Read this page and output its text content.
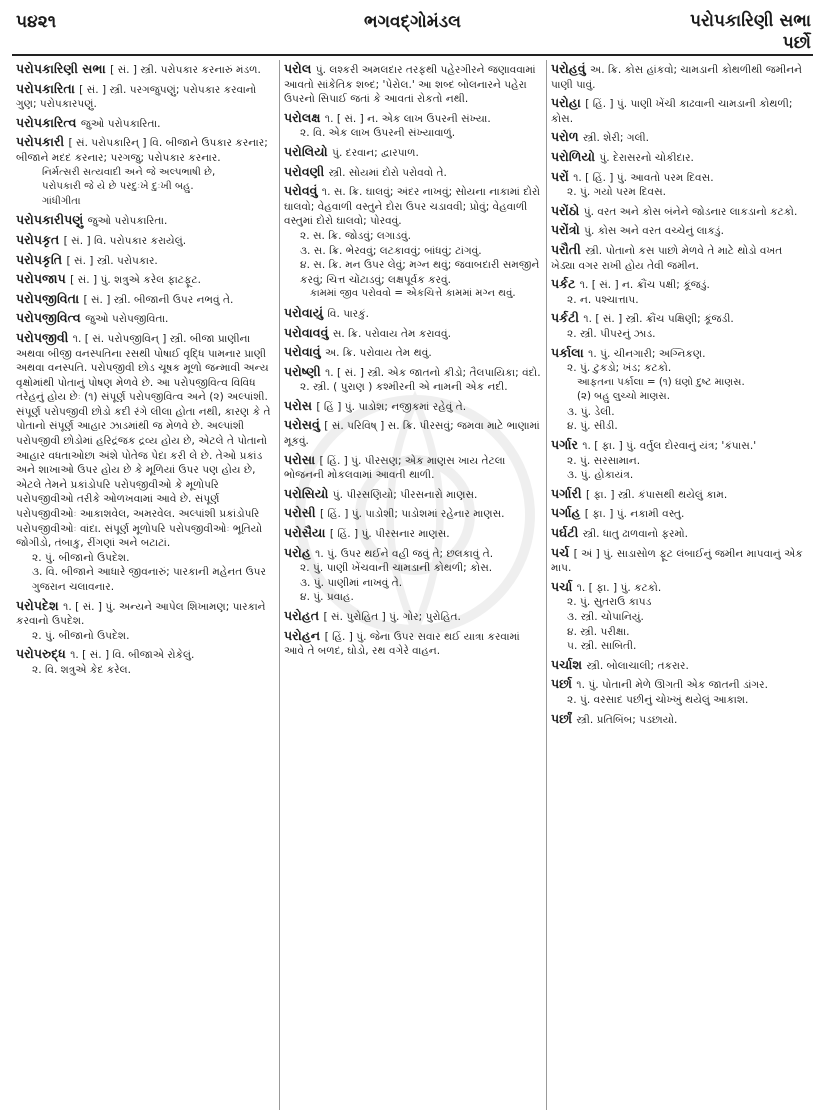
૫૪૨૧	ભગવદ્ગોમંડલ	પરોપકારિણી સભા
પર્છો
પરોપકારિણી સભા [ સં. ] સ્ત્રી. પરોપકાર કરનારું મંડળ.
પરોપકારિતા [ સં. ] સ્ત્રી. પરગજુપણું; પરોપકાર કરવાનો ગુણ; પરોપકારપણું.
પરોપકારિત્વ જુઓ પરોપકારિતા.
પરોપકારી [ સં. પરોપકારિન્ ] વિ. બીજાને ઉપકાર કરનાર; બીજાને મદદ કરનાર; પરગજુ; પરોપકાર કરનાર.
નિર્મત્સરી સત્યવાદી અને જે અલ્પભાષી છે,
પરોપકારી જે યે છે પરદુઃખે દુઃખી બહુ.
ગાંધીગીતા
પરોપકારીપણું જુઓ પરોપકારિતા.
પરોપકૃત [ સં. ] વિ. પરોપકાર કરાયેલું.
પરોપકૃતિ [ સં. ] સ્ત્રી. પરોપકાર.
પરોપજાપ [ સં. ] પું. શત્રુએ કરેલ ફાટફૂટ.
પરોપજીવિતા [ સં. ] સ્ત્રી. બીજાની ઉપર નભવું તે.
પરોપજીવિત્વ જુઓ પરોપજીવિતા.
પરોપજીવી ૧. [ સં. પરોપજીવિન્ ] સ્ત્રી. બીજા પ્રાણીના અથવા બીજી વનસ્પતિના રસથી પોષાઈ વૃદ્ધિ પામનાર પ્રાણી અથવા વનસ્પતિ. પરોપજીવી છોડ ચૂષક મૂળો જન્માવી અન્ય વૃક્ષોમાંથી પોતાનું પોષણ મેળવે છે. આ પરોપજીવિત્વ વિવિધ તરેહનું હોય છેઃ (૧) સંપૂર્ણ પરોપજીવિત્વ અને (૨) અલ્પાંશી. સંપૂર્ણ પરોપજીવી છોડો કદી રંગે લીલા હોતા નથી, કારણ કે તે પોતાનો સંપૂર્ણ આહાર ઝાડમાંથી જ મેળવે છે. અલ્પાંશી પરોપજીવી છોડોમાં હરિદ્રંજક દ્રવ્ય હોય છે, એટલે તે પોતાનો આહાર વધતાઓછા અંશે પોતેજ પેદા કરી લે છે. તેઓ પ્રકાંડ અને શાખાઓ ઉપર હોય છે કે મૂળિયાં ઉપર પણ હોય છે, એટલે તેમને પ્રકાંડોપરિ પરોપજીવીઓ કે મૂળોપરિ પરોપજીવીઓ તરીકે ઓળખવામાં આવે છે. સંપૂર્ણ પરોપજીવીઓઃ આકાશવેલ, અમરવેલ. અલ્પાંશી પ્રકાંડોપરિ પરોપજીવીઓઃ વાંદા. સંપૂર્ણ મૂળોપરિ પરોપજીવીઓઃ ભૂતિયો જોગીડો, તંબાકુ, રીંગણાં અને બટાટાં.
૨. પું. બીજાનો ઉપદેશ.
૩. વિ. બીજાને આધારે જીવનારું; પારકાની મહેનત ઉપર ગુજરાન ચલાવનાર.
પરોપદેશ ૧. [ સં. ] પું. અન્યને આપેલ શિખામણ; પારકાને કરવાનો ઉપદેશ.
૨. પું. બીજાનો ઉપદેશ.
પરોપરુદ્ધ ૧. [ સં. ] વિ. બીજાએ રોકેલું.
૨. વિ. શત્રુએ કેદ કરેલ.
પરોલ પું. લશ્કરી અમલદાર તરફથી પહેરગીરને જણાવવામાં આવતો સાંકેતિક શબ્દ; 'પેરોલ.' આ શબ્દ બોલનારને પહેરા ઉપરનો સિપાઈ જતાં કે આવતાં રોકતો નથી.
પરોલક્ષ ૧. [ સં. ] ન. એક લાખ ઉપરની સંખ્યા.
૨. વિ. એક લાખ ઉપરની સંખ્યાવાળું.
પરોલિયો પું. દરવાન; દ્વારપાળ.
પરોવણી સ્ત્રી. સોયમાં દોરો પરોવવો તે.
પરોવવું ૧. સ. ક્રિ. ઘાલવું; અંદર નાખવું; સોયના નાકામાં દોરો ઘાલવો; વેહવાળી વસ્તુને દોરા ઉપર ચડાવવી; પ્રોવું; વેહવાળી વસ્તુમાં દોરો ઘાલવો; પોરવવું.
૨. સ. ક્રિ. જોડવું; લગાડવું.
૩. સ. ક્રિ. ભેરવવું; લટકાવવું; બાંધવું; ટાંગવું.
૪. સ. ક્રિ. મન ઉપર લેવું; મગ્ન થવું; જવાબદારી સમજીને કરવું; ચિત્ત ચોંટાડવું; લક્ષપૂર્વક કરવું.
કામમાં જીવ પરોવવો = એકચિત્તે કામમાં મગ્ન થવું.
પરોવાયું વિ. પારકું.
પરોવાવવું સ. ક્રિ. પરોવાય તેમ કરાવવું.
પરોવાવું અ. ક્રિ. પરોવાય તેમ થવું.
પરોષ્ણી ૧. [ સં. ] સ્ત્રી. એક જાતનો કીડો; તૈલપાયિકા; વંદો.
૨. સ્ત્રી. ( પુરાણ ) કશ્મીરની એ નામની એક નદી.
પરોસ [ હિં ] પું. પાડોશ; નજીકમાં રહેવું તે.
પરોસવું [ સં. પરિવિષ્ ] સ. ક્રિ. પીરસવું; જમવા માટે ભાણામાં મૂકવું.
પરોસા [ હિં. ] પું. પીરસણ; એક માણસ ખાય તેટલા ભોજનની મોકલવામાં આવતી થાળી.
પરોસિયો પું. પીરસણિયો; પીરસનારો માણસ.
પરોસી [ હિં. ] પું. પાડોશી; પાડોશમાં રહેનાર માણસ.
પરોસૈયા [ હિં. ] પું. પીરસનાર માણસ.
પરોહ ૧. પું. ઉપર થઈને વહી જવું તે; છલકાવું તે.
૨. પું. પાણી ખેંચવાની ચામડાની કોથળી; કોસ.
૩. પું. પાણીમાં નાખવું તે.
૪. પું. પ્રવાહ.
પરોહત [ સં. પુરોહિત ] પું. ગોર; પુરોહિત.
પરોહન [ હિં. ] પું. જેના ઉપર સવાર થઈ યાત્રા કરવામાં આવે તે બળદ, ઘોડો, રથ વગેરે વાહન.
પરોહવું અ. ક્રિ. કોસ હાંકવો; ચામડાની કોથળીથી જમીનને પાણી પાવું.
પરોહા [ હિં. ] પું. પાણી ખેંચી કાઢવાની ચામડાની કોથળી; કોસ.
પરોળ સ્ત્રી. શેરી; ગલી.
પરોળિયો પું. દેરાસરનો ચોકીદાર.
પરોં ૧. [ હિં. ] પું. આવતો પરમ દિવસ.
૨. પું. ગયો પરમ દિવસ.
પરોંઠો પું. વરત અને કોસ બંનેને જોડનાર લાકડાનો કટકો.
પરોંત્રો પું. કોસ અને વરત વચ્ચેનું લાકડું.
પરૌતી સ્ત્રી. પોતાનો કસ પાછો મેળવે તે માટે થોડો વખત ખેડ્યા વગર રાખી હોય તેવી જમીન.
પર્કટ ૧. [ સં. ] ન. ક્રૌંચ પક્ષી; કૂંજડું.
૨. ન. પશ્ચાત્તાપ.
પર્કટી ૧. [ સં. ] સ્ત્રી. ક્રૌંચ પક્ષિણી; કૂંજડી.
૨. સ્ત્રી. પીપરનું ઝાડ.
પર્કાલા ૧. પું. ચીનગારી; અગ્નિકણ.
૨. પું. ટુકડો; ખંડ; કટકો.
આફતના પર્કાલા = (૧) ઘણો દુષ્ટ માણસ.
(૨) બહુ લુચ્ચો માણસ.
૩. પું. ડેલી.
૪. પું. સીડી.
પર્ગાર ૧. [ ફા. ] પું. વર્તુલ દોરવાનું યંત્ર; 'કંપાસ.'
૨. પું. સરસામાન.
૩. પું. હોકાયંત્ર.
પર્ગારી [ ફા. ] સ્ત્રી. કંપાસથી થયેલું કામ.
પર્ગાહ [ ફા. ] પું. નકામી વસ્તુ.
પર્ઘટી સ્ત્રી. ધાતુ ઢાળવાનો ફરમો.
પર્ચ [ અં ] પું. સાડાસોળ ફૂટ લંબાઈનું જમીન માપવાનું એક માપ.
પર્ચા ૧. [ ફા. ] પું. કટકો.
૨. પું. સુતરાઉ કાપડ
૩. સ્ત્રી. ચોપાનિયું.
૪. સ્ત્રી. પરીક્ષા.
૫. સ્ત્રી. સાબિતી.
પર્ચાશ સ્ત્રી. બોલાચાલી; તકરાર.
પર્છા ૧. પું. પોતાની મેળે ઊગતી એક જાતની ડાંગર.
૨. પું. વરસાદ પછીનું ચોખ્ખું થયેલું આકાશ.
પર્છાં સ્ત્રી. પ્રતિબિંબ; પડછાયો.
